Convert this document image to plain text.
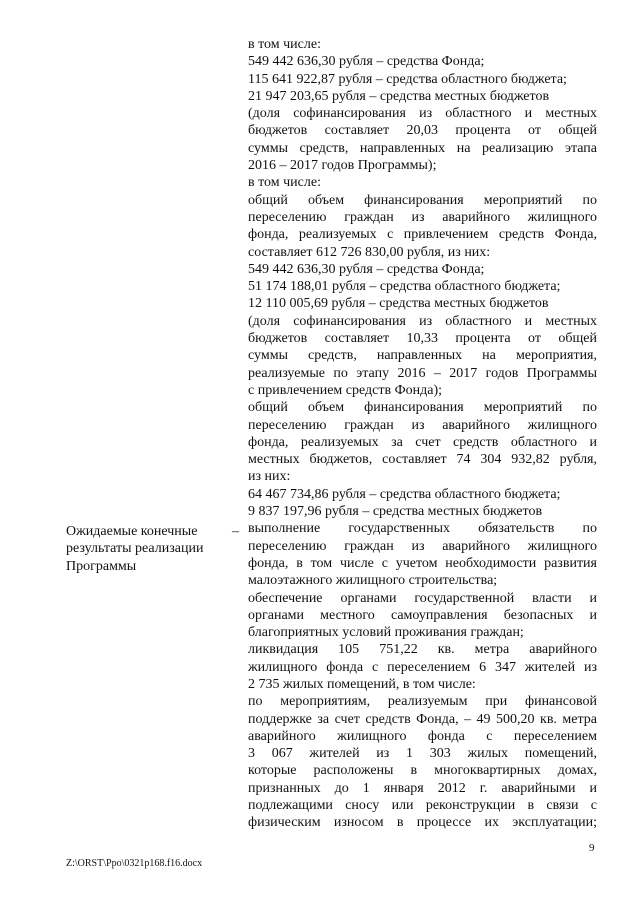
в том числе:
549 442 636,30 рубля – средства Фонда;
115 641 922,87 рубля – средства областного бюджета;
21 947 203,65 рубля – средства местных бюджетов
(доля софинансирования из областного и местных
бюджетов составляет 20,03 процента от общей
суммы средств, направленных на реализацию этапа
2016 – 2017 годов Программы);
в том числе:
общий объем финансирования мероприятий по
переселению граждан из аварийного жилищного
фонда, реализуемых с привлечением средств Фонда,
составляет 612 726 830,00 рубля, из них:
549 442 636,30 рубля – средства Фонда;
51 174 188,01 рубля – средства областного бюджета;
12 110 005,69 рубля – средства местных бюджетов
(доля софинансирования из областного и местных
бюджетов составляет 10,33 процента от общей
суммы средств, направленных на мероприятия,
реализуемые по этапу 2016 – 2017 годов Программы
с привлечением средств Фонда);
общий объем финансирования мероприятий по
переселению граждан из аварийного жилищного
фонда, реализуемых за счет средств областного и
местных бюджетов, составляет 74 304 932,82 рубля,
из них:
64 467 734,86 рубля – средства областного бюджета;
9 837 197,96 рубля – средства местных бюджетов
выполнение государственных обязательств по
переселению граждан из аварийного жилищного
фонда, в том числе с учетом необходимости развития
малоэтажного жилищного строительства;
обеспечение органами государственной власти и
органами местного самоуправления безопасных и
благоприятных условий проживания граждан;
ликвидация 105 751,22 кв. метра аварийного
жилищного фонда с переселением 6 347 жителей из
2 735 жилых помещений, в том числе:
по мероприятиям, реализуемым при финансовой
поддержке за счет средств Фонда, – 49 500,20 кв. метра
аварийного жилищного фонда с переселением
3 067 жителей из 1 303 жилых помещений,
которые расположены в многоквартирных домах,
признанных до 1 января 2012 г. аварийными и
подлежащими сносу или реконструкции в связи с
физическим износом в процессе их эксплуатации;
Ожидаемые конечные
результаты реализации
Программы
–
9
Z:\ORST\Ppo\0321p168.f16.docx
